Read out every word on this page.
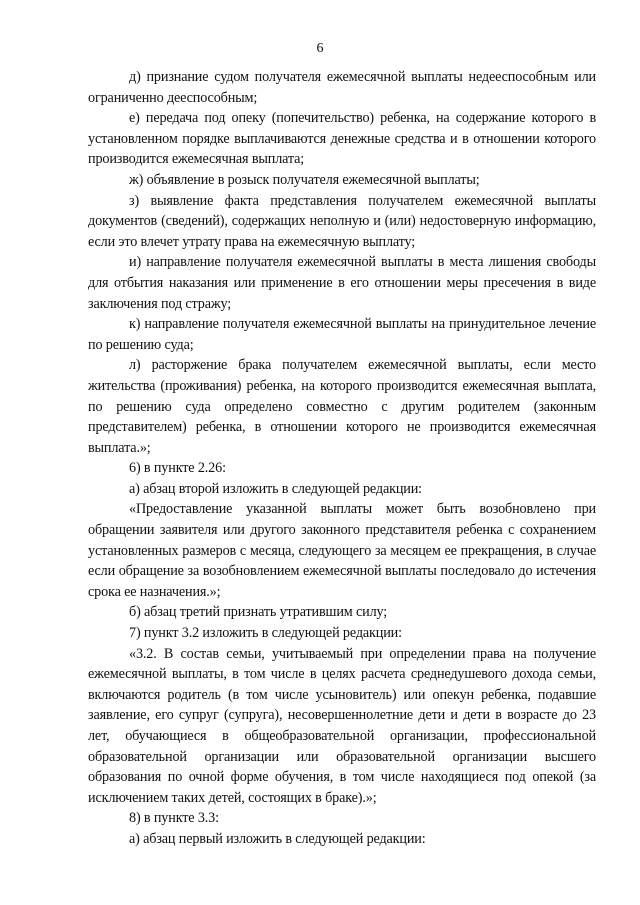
6

д) признание судом получателя ежемесячной выплаты недееспособным или ограниченно дееспособным;

е) передача под опеку (попечительство) ребенка, на содержание которого в установленном порядке выплачиваются денежные средства и в отношении которого производится ежемесячная выплата;

ж) объявление в розыск получателя ежемесячной выплаты;

з) выявление факта представления получателем ежемесячной выплаты документов (сведений), содержащих неполную и (или) недостоверную информацию, если это влечет утрату права на ежемесячную выплату;

и) направление получателя ежемесячной выплаты в места лишения свободы для отбытия наказания или применение в его отношении меры пресечения в виде заключения под стражу;

к) направление получателя ежемесячной выплаты на принудительное лечение по решению суда;

л) расторжение брака получателем ежемесячной выплаты, если место жительства (проживания) ребенка, на которого производится ежемесячная выплата, по решению суда определено совместно с другим родителем (законным представителем) ребенка, в отношении которого не производится ежемесячная выплата.»;

6) в пункте 2.26:

а) абзац второй изложить в следующей редакции:

«Предоставление указанной выплаты может быть возобновлено при обращении заявителя или другого законного представителя ребенка с сохранением установленных размеров с месяца, следующего за месяцем ее прекращения, в случае если обращение за возобновлением ежемесячной выплаты последовало до истечения срока ее назначения.»;

б) абзац третий признать утратившим силу;

7) пункт 3.2 изложить в следующей редакции:

«3.2. В состав семьи, учитываемый при определении права на получение ежемесячной выплаты, в том числе в целях расчета среднедушевого дохода семьи, включаются родитель (в том числе усыновитель) или опекун ребенка, подавшие заявление, его супруг (супруга), несовершеннолетние дети и дети в возрасте до 23 лет, обучающиеся в общеобразовательной организации, профессиональной образовательной организации или образовательной организации высшего образования по очной форме обучения, в том числе находящиеся под опекой (за исключением таких детей, состоящих в браке).»;

8) в пункте 3.3:

а) абзац первый изложить в следующей редакции:
